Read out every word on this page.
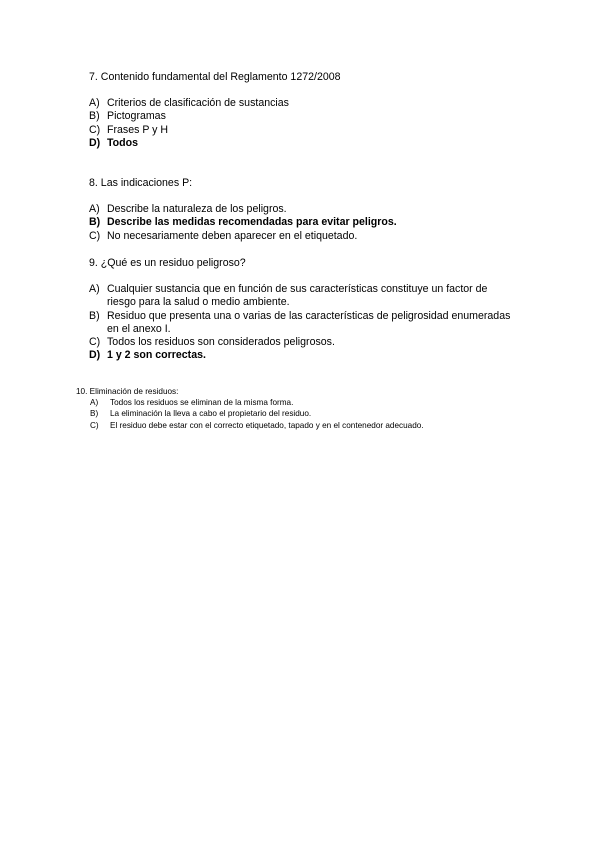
7. Contenido fundamental del Reglamento 1272/2008

A) Criterios de clasificación de sustancias
B) Pictogramas
C) Frases P y H
D) Todos

8. Las indicaciones P:

A) Describe la naturaleza de los peligros.
B) Describe las medidas recomendadas para evitar peligros.
C) No necesariamente deben aparecer en el etiquetado.

9. ¿Qué es un residuo peligroso?

A) Cualquier sustancia que en función de sus características constituye un factor de riesgo para la salud o medio ambiente.
B) Residuo que presenta una o varias de las características de peligrosidad enumeradas en el anexo I.
C) Todos los residuos son considerados peligrosos.
D) 1 y 2 son correctas.

10. Eliminación de residuos:

A)	Todos los residuos se eliminan de la misma forma.
B)	La eliminación la lleva a cabo el propietario del residuo.
C)	El residuo debe estar con el correcto etiquetado, tapado y en el contenedor adecuado.
